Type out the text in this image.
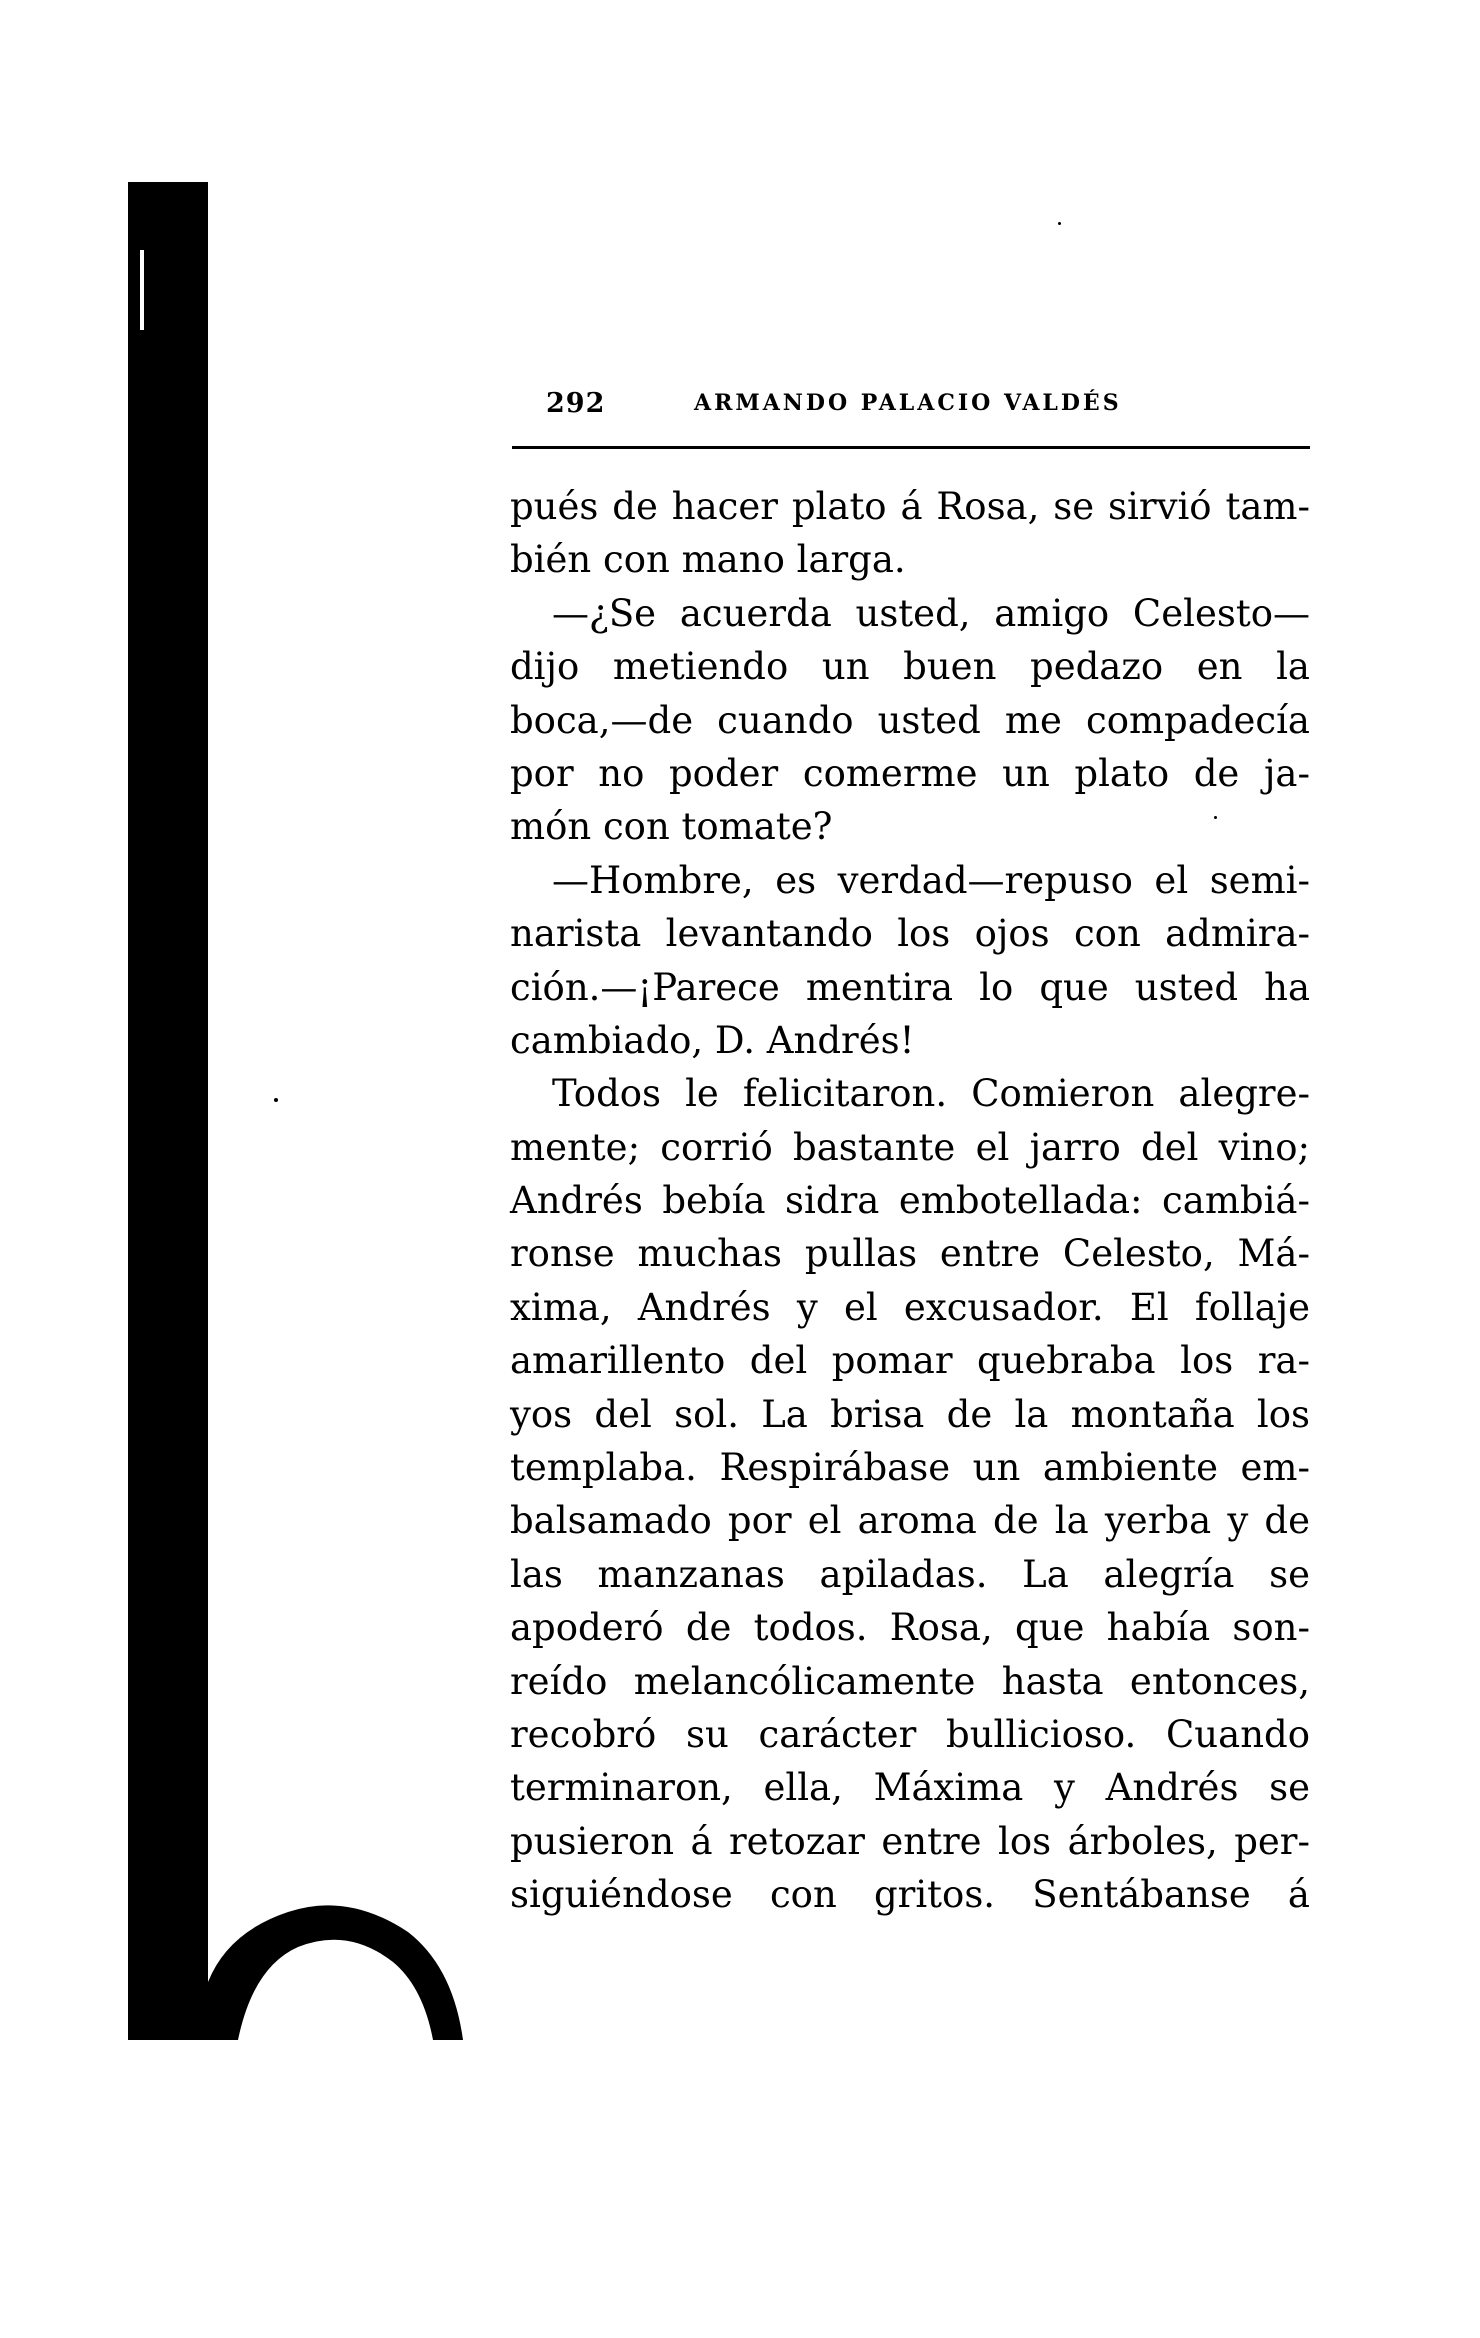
292	ARMANDO PALACIO VALDÉS
pués de hacer plato á Rosa, se sirvió tam-
bién con mano larga.
—¿Se acuerda usted, amigo Celesto—
dijo metiendo un buen pedazo en la
boca,—de cuando usted me compadecía
por no poder comerme un plato de ja-
món con tomate?
—Hombre, es verdad—repuso el semi-
narista levantando los ojos con admira-
ción.—¡Parece mentira lo que usted ha
cambiado, D. Andrés!
Todos le felicitaron. Comieron alegre-
mente; corrió bastante el jarro del vino;
Andrés bebía sidra embotellada: cambiá-
ronse muchas pullas entre Celesto, Má-
xima, Andrés y el excusador. El follaje
amarillento del pomar quebraba los ra-
yos del sol. La brisa de la montaña los
templaba. Respirábase un ambiente em-
balsamado por el aroma de la yerba y de
las manzanas apiladas. La alegría se
apoderó de todos. Rosa, que había son-
reído melancólicamente hasta entonces,
recobró su carácter bullicioso. Cuando
terminaron, ella, Máxima y Andrés se
pusieron á retozar entre los árboles, per-
siguiéndose con gritos. Sentábanse á
